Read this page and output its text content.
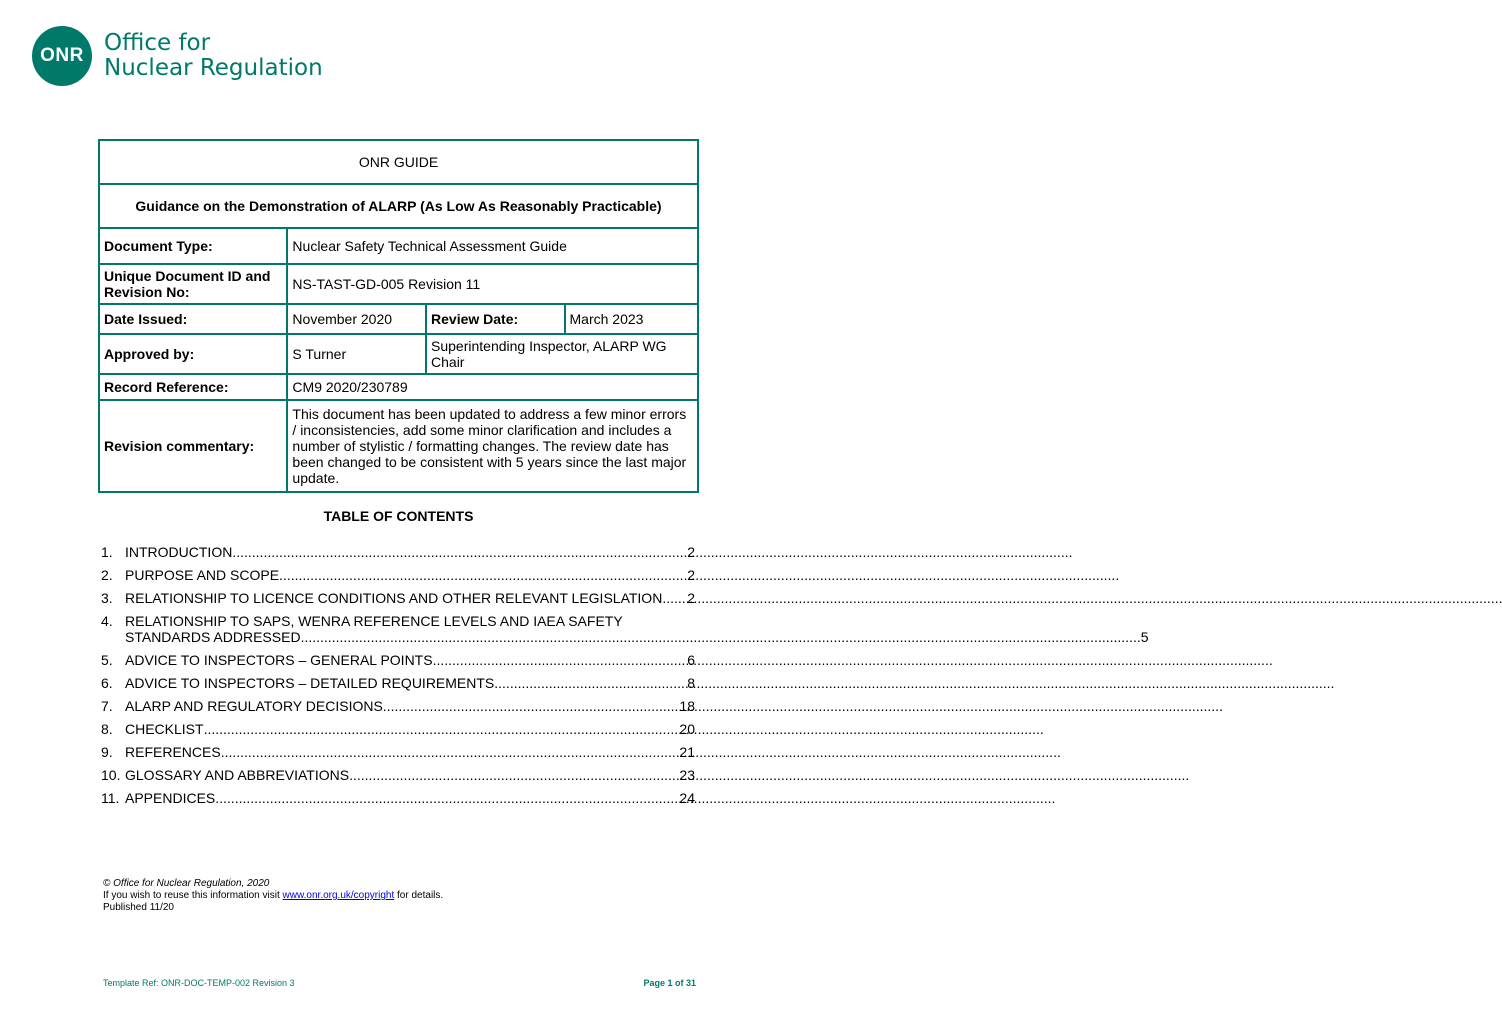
ONR Office for
Nuclear Regulation
ONR GUIDE			
Guidance on the Demonstration of ALARP (As Low As Reasonably Practicable)			
Document Type:	Nuclear Safety Technical Assessment Guide		
Unique Document ID and Revision No:	NS-TAST-GD-005 Revision 11		
Date Issued:	November 2020	Review Date:	March 2023
Approved by:	S Turner	Superintending Inspector, ALARP WG Chair	
Record Reference:	CM9 2020/230789		
Revision commentary:	This document has been updated to address a few minor errors / inconsistencies, add some minor clarification and includes a number of stylistic / formatting changes. The review date has been changed to be consistent with 5 years since the last major update.		
TABLE OF CONTENTS
1. INTRODUCTION .....	2
2. PURPOSE AND SCOPE .....	2
3. RELATIONSHIP TO LICENCE CONDITIONS AND OTHER RELEVANT LEGISLATION ..... 2
4. RELATIONSHIP TO SAPS, WENRA REFERENCE LEVELS AND IAEA SAFETY
STANDARDS ADDRESSED .....	5
5. ADVICE TO INSPECTORS – GENERAL POINTS .....	6
6. ADVICE TO INSPECTORS – DETAILED REQUIREMENTS .....	8
7. ALARP AND REGULATORY DECISIONS .....	18
8. CHECKLIST .....	20
9. REFERENCES .....	21
10. GLOSSARY AND ABBREVIATIONS .....	23
11. APPENDICES .....	24
© Office for Nuclear Regulation, 2020
If you wish to reuse this information visit www.onr.org.uk/copyright for details.
Published 11/20
Template Ref: ONR-DOC-TEMP-002 Revision 3	Page 1 of 31
